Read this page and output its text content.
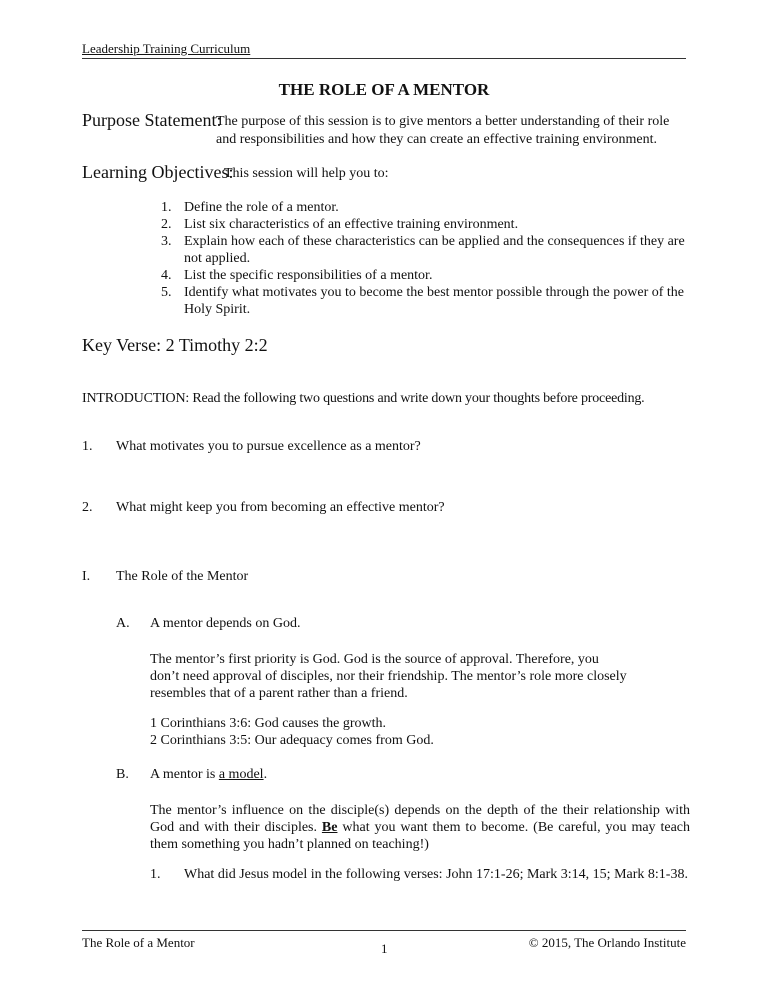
Leadership Training Curriculum
THE ROLE OF A MENTOR
Purpose Statement:
The purpose of this session is to give mentors a better understanding of their role
and responsibilities and how they can create an effective training environment.
Learning Objectives:
This session will help you to:
1. Define the role of a mentor.
2. List six characteristics of an effective training environment.
3. Explain how each of these characteristics can be applied and the consequences if they are not applied.
4. List the specific responsibilities of a mentor.
5. Identify what motivates you to become the best mentor possible through the power of the Holy Spirit.
Key Verse: 2 Timothy 2:2
INTRODUCTION: Read the following two questions and write down your thoughts before proceeding.
1. What motivates you to pursue excellence as a mentor?
2. What might keep you from becoming an effective mentor?
I. The Role of the Mentor
A. A mentor depends on God.
The mentor’s first priority is God. God is the source of approval. Therefore, you don’t need approval of disciples, nor their friendship. The mentor’s role more closely resembles that of a parent rather than a friend.
1 Corinthians 3:6: God causes the growth.
2 Corinthians 3:5: Our adequacy comes from God.
B. A mentor is a model.
The mentor’s influence on the disciple(s) depends on the depth of the their relationship with God and with their disciples. Be what you want them to become. (Be careful, you may teach them something you hadn’t planned on teaching!)
1. What did Jesus model in the following verses: John 17:1-26; Mark 3:14, 15; Mark 8:1-38.
The Role of a Mentor	1	© 2015, The Orlando Institute
